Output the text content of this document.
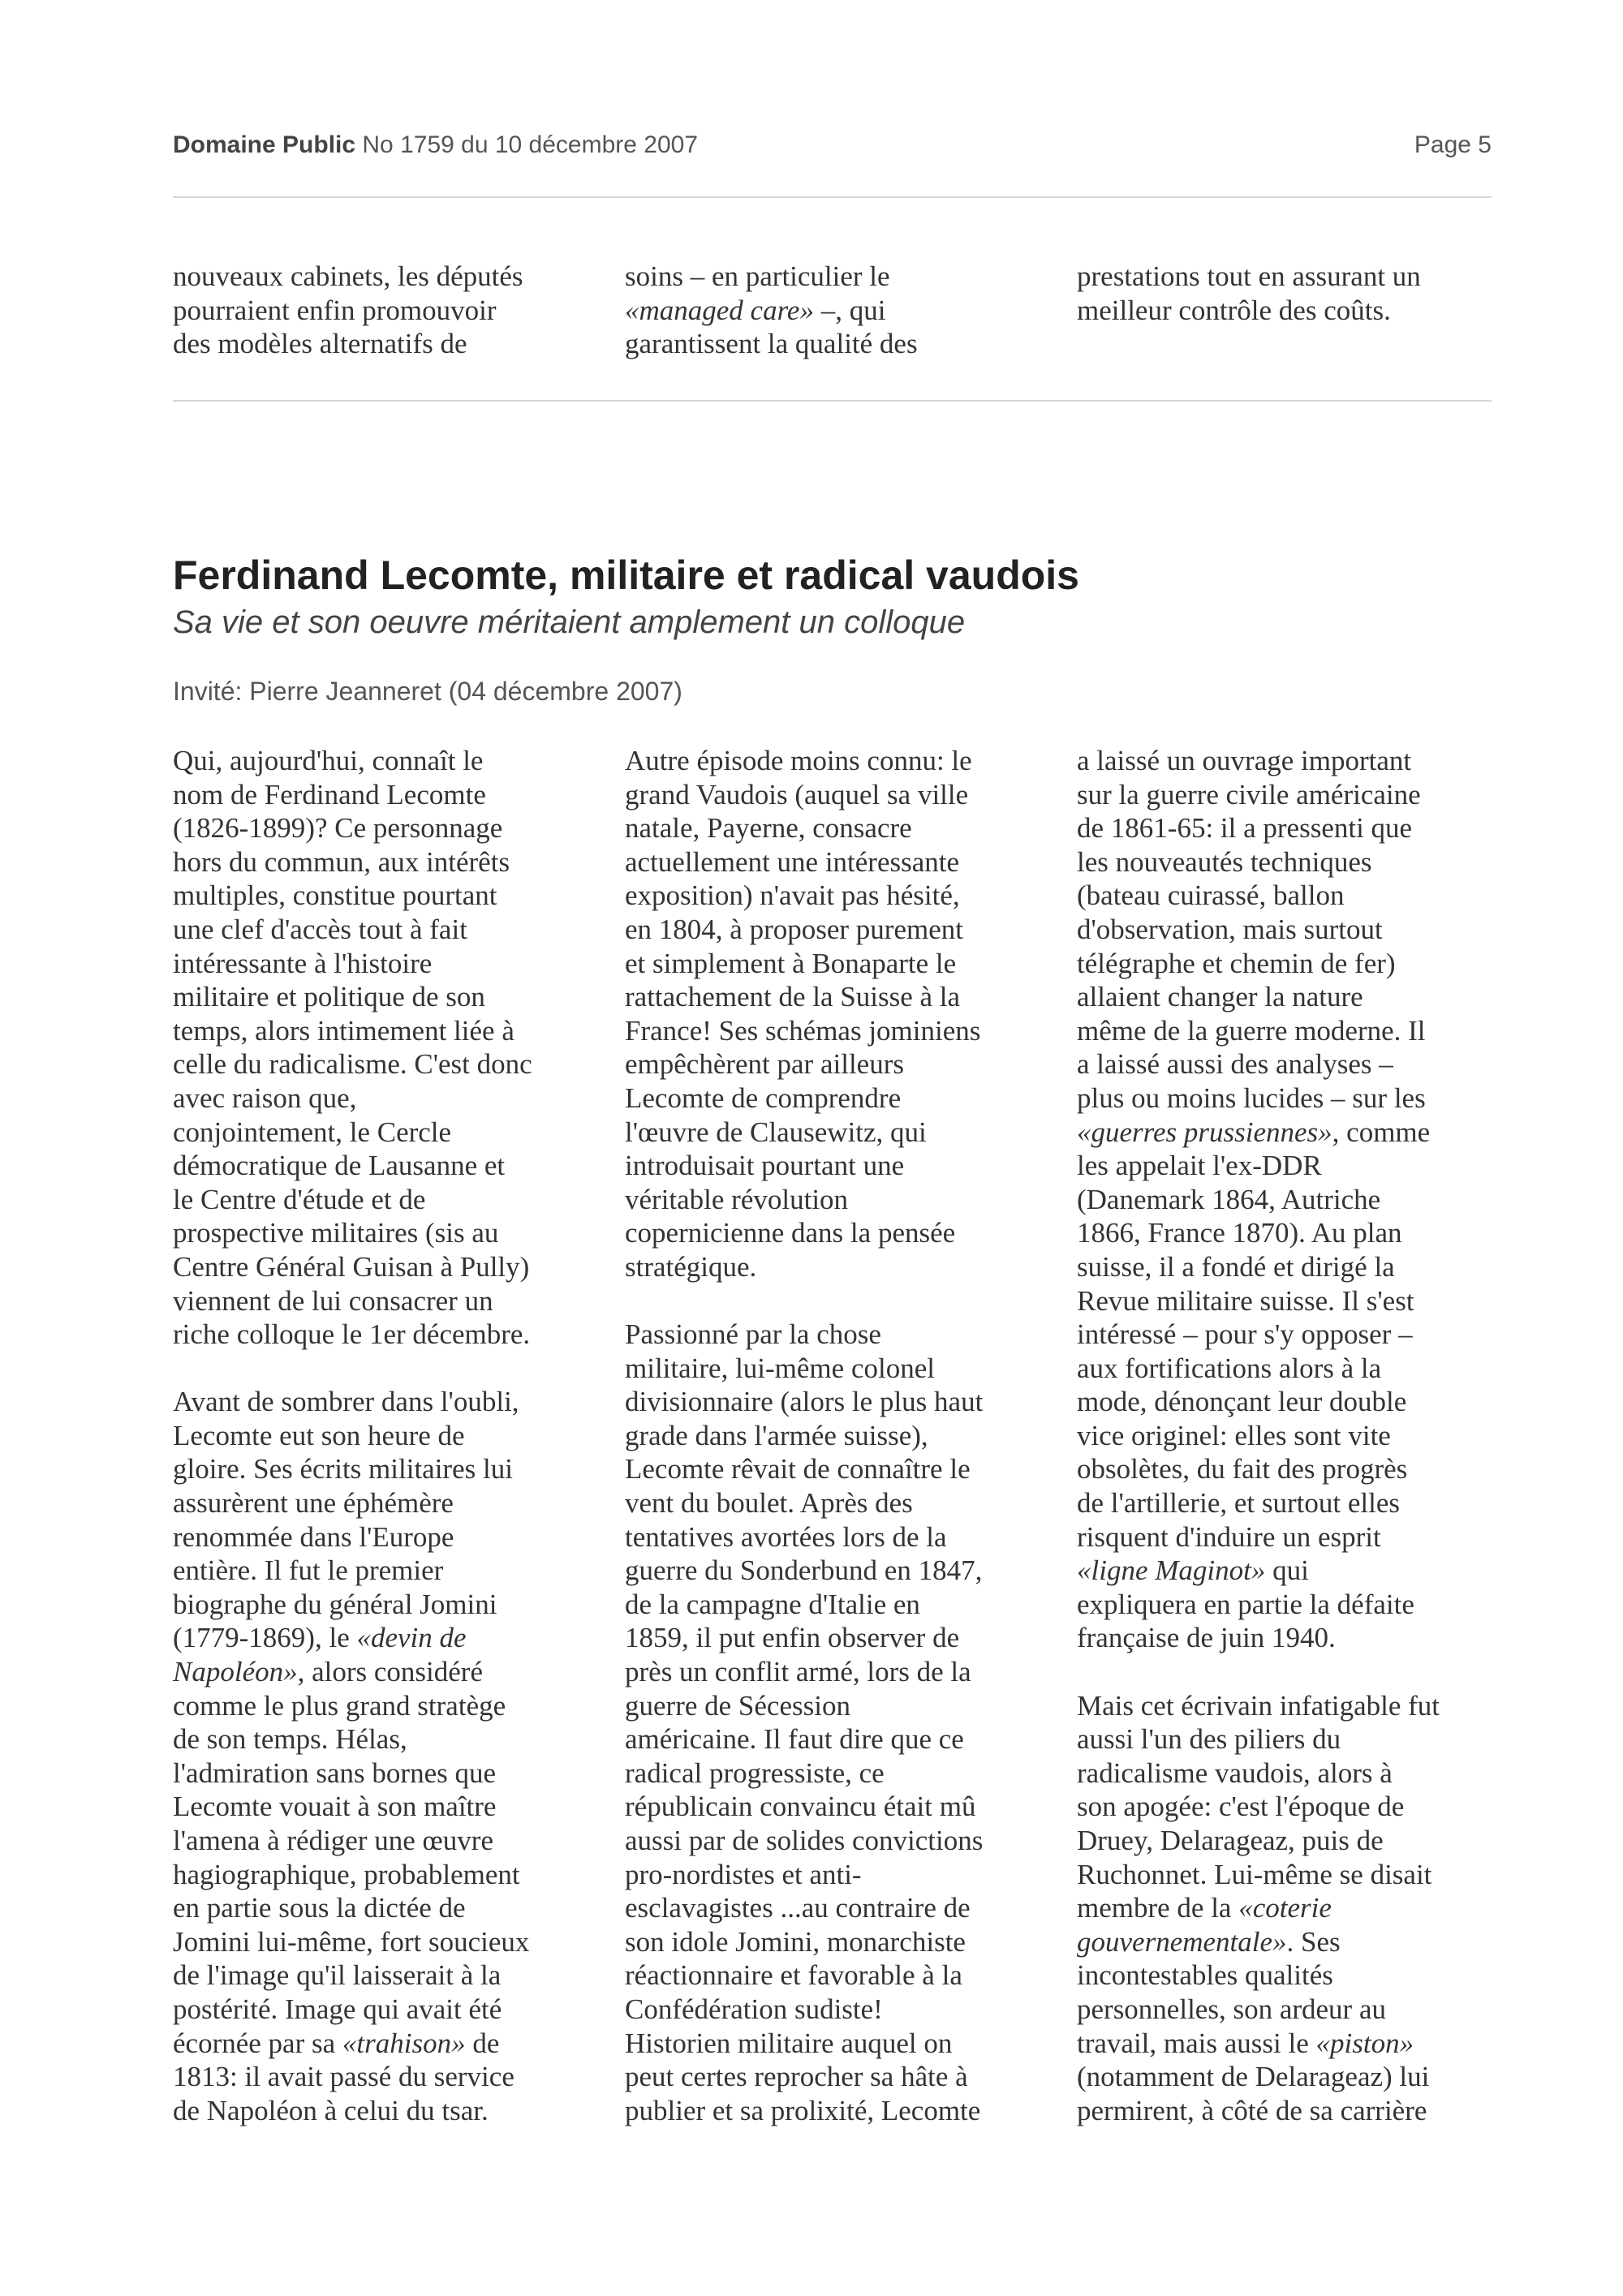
Domaine Public No 1759 du 10 décembre 2007	Page 5
nouveaux cabinets, les députés
pourraient enfin promouvoir
des modèles alternatifs de
soins – en particulier le
«managed care» –, qui
garantissent la qualité des
prestations tout en assurant un
meilleur contrôle des coûts.
Ferdinand Lecomte, militaire et radical vaudois
Sa vie et son oeuvre méritaient amplement un colloque
Invité: Pierre Jeanneret (04 décembre 2007)
Qui, aujourd'hui, connaît le
nom de Ferdinand Lecomte
(1826-1899)? Ce personnage
hors du commun, aux intérêts
multiples, constitue pourtant
une clef d'accès tout à fait
intéressante à l'histoire
militaire et politique de son
temps, alors intimement liée à
celle du radicalisme. C'est donc
avec raison que,
conjointement, le Cercle
démocratique de Lausanne et
le Centre d'étude et de
prospective militaires (sis au
Centre Général Guisan à Pully)
viennent de lui consacrer un
riche colloque le 1er décembre.
Avant de sombrer dans l'oubli,
Lecomte eut son heure de
gloire. Ses écrits militaires lui
assurèrent une éphémère
renommée dans l'Europe
entière. Il fut le premier
biographe du général Jomini
(1779-1869), le «devin de
Napoléon», alors considéré
comme le plus grand stratège
de son temps. Hélas,
l'admiration sans bornes que
Lecomte vouait à son maître
l'amena à rédiger une œuvre
hagiographique, probablement
en partie sous la dictée de
Jomini lui-même, fort soucieux
de l'image qu'il laisserait à la
postérité. Image qui avait été
écornée par sa «trahison» de
1813: il avait passé du service
de Napoléon à celui du tsar.
Autre épisode moins connu: le
grand Vaudois (auquel sa ville
natale, Payerne, consacre
actuellement une intéressante
exposition) n'avait pas hésité,
en 1804, à proposer purement
et simplement à Bonaparte le
rattachement de la Suisse à la
France! Ses schémas jominiens
empêchèrent par ailleurs
Lecomte de comprendre
l'œuvre de Clausewitz, qui
introduisait pourtant une
véritable révolution
copernicienne dans la pensée
stratégique.
Passionné par la chose
militaire, lui-même colonel
divisionnaire (alors le plus haut
grade dans l'armée suisse),
Lecomte rêvait de connaître le
vent du boulet. Après des
tentatives avortées lors de la
guerre du Sonderbund en 1847,
de la campagne d'Italie en
1859, il put enfin observer de
près un conflit armé, lors de la
guerre de Sécession
américaine. Il faut dire que ce
radical progressiste, ce
républicain convaincu était mû
aussi par de solides convictions
pro-nordistes et anti-
esclavagistes ...au contraire de
son idole Jomini, monarchiste
réactionnaire et favorable à la
Confédération sudiste!
Historien militaire auquel on
peut certes reprocher sa hâte à
publier et sa prolixité, Lecomte
a laissé un ouvrage important
sur la guerre civile américaine
de 1861-65: il a pressenti que
les nouveautés techniques
(bateau cuirassé, ballon
d'observation, mais surtout
télégraphe et chemin de fer)
allaient changer la nature
même de la guerre moderne. Il
a laissé aussi des analyses –
plus ou moins lucides – sur les
«guerres prussiennes», comme
les appelait l'ex-DDR
(Danemark 1864, Autriche
1866, France 1870). Au plan
suisse, il a fondé et dirigé la
Revue militaire suisse. Il s'est
intéressé – pour s'y opposer –
aux fortifications alors à la
mode, dénonçant leur double
vice originel: elles sont vite
obsolètes, du fait des progrès
de l'artillerie, et surtout elles
risquent d'induire un esprit
«ligne Maginot» qui
expliquera en partie la défaite
française de juin 1940.
Mais cet écrivain infatigable fut
aussi l'un des piliers du
radicalisme vaudois, alors à
son apogée: c'est l'époque de
Druey, Delarageaz, puis de
Ruchonnet. Lui-même se disait
membre de la «coterie
gouvernementale». Ses
incontestables qualités
personnelles, son ardeur au
travail, mais aussi le «piston»
(notamment de Delarageaz) lui
permirent, à côté de sa carrière
